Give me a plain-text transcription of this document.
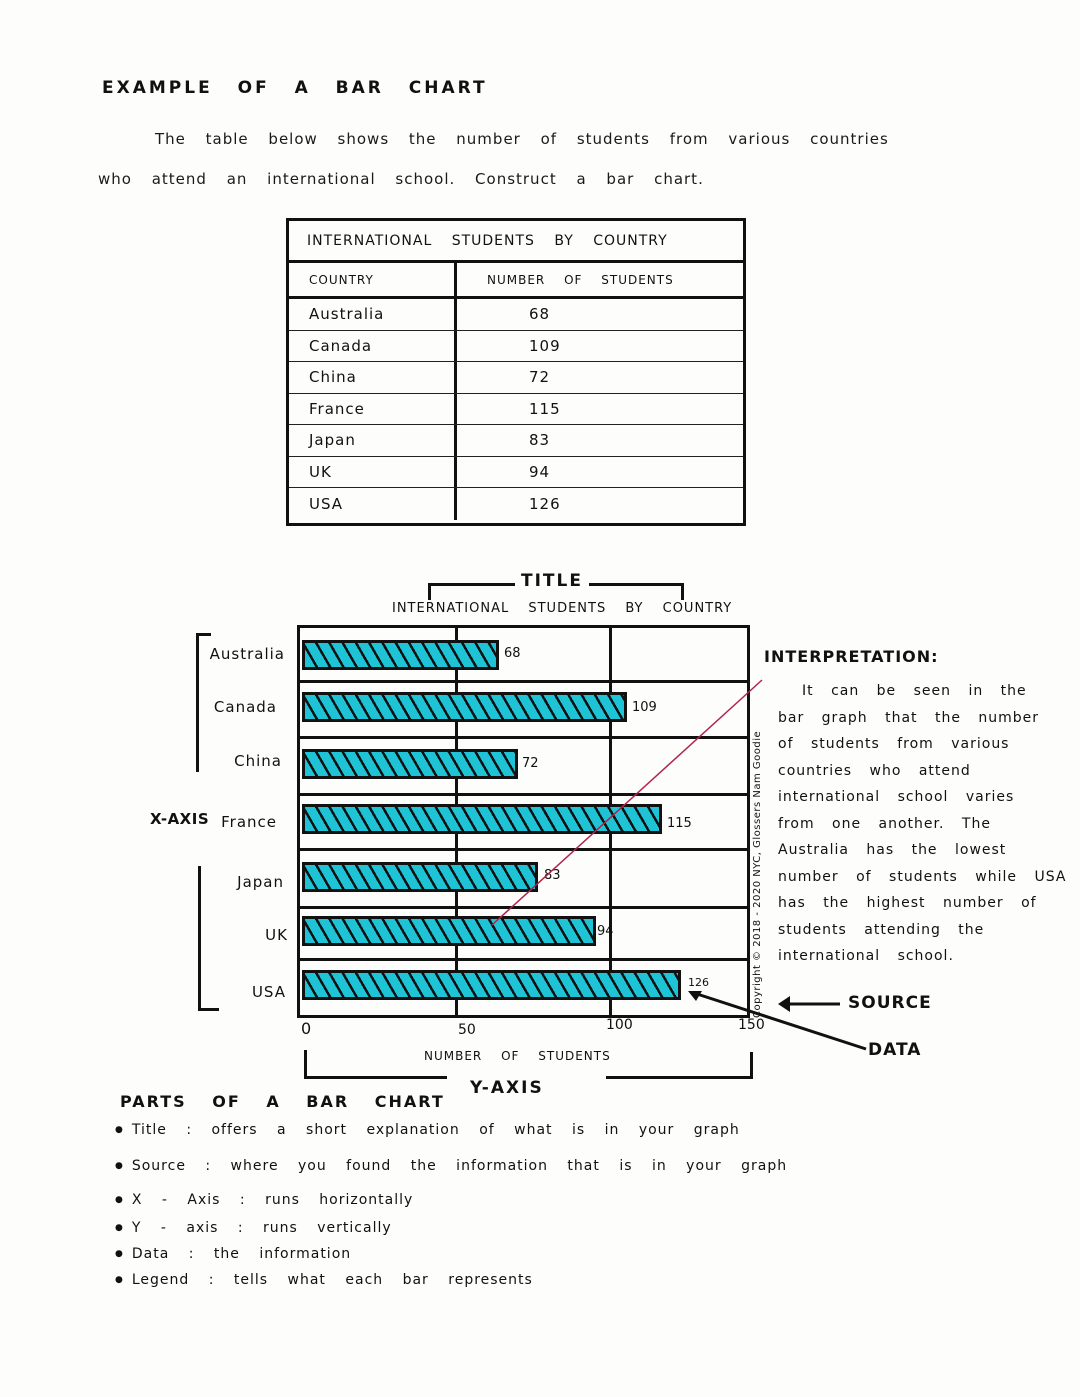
EXAMPLE OF A BAR CHART
The table below shows the number of students from various countries
who attend an international school. Construct a bar chart.
INTERNATIONAL STUDENTS BY COUNTRY
COUNTRY	NUMBER OF STUDENTS
Australia	68
Canada	109
China	72
France	115
Japan	83
UK	94
USA	126
TITLE
INTERNATIONAL STUDENTS BY COUNTRY
68
109
72
115
83
94
126
Australia
Canada
China
France
Japan
UK
USA
X-AXIS
0	50	100	150
NUMBER OF STUDENTS
Y-AXIS
Copyright © 2018 - 2020 NYC, Glossers Nam Goodie	SOURCE
DATA
INTERPRETATION:
It can be seen in the bar graph that the number of students from various countries who attend international school varies from one another. The Australia has the lowest number of students while USA has the highest number of students attending the international school.
PARTS OF A BAR CHART
● Title : offers a short explanation of what is in your graph
● Source : where you found the information that is in your graph
● X - Axis : runs horizontally
● Y - axis : runs vertically
● Data : the information
● Legend : tells what each bar represents
